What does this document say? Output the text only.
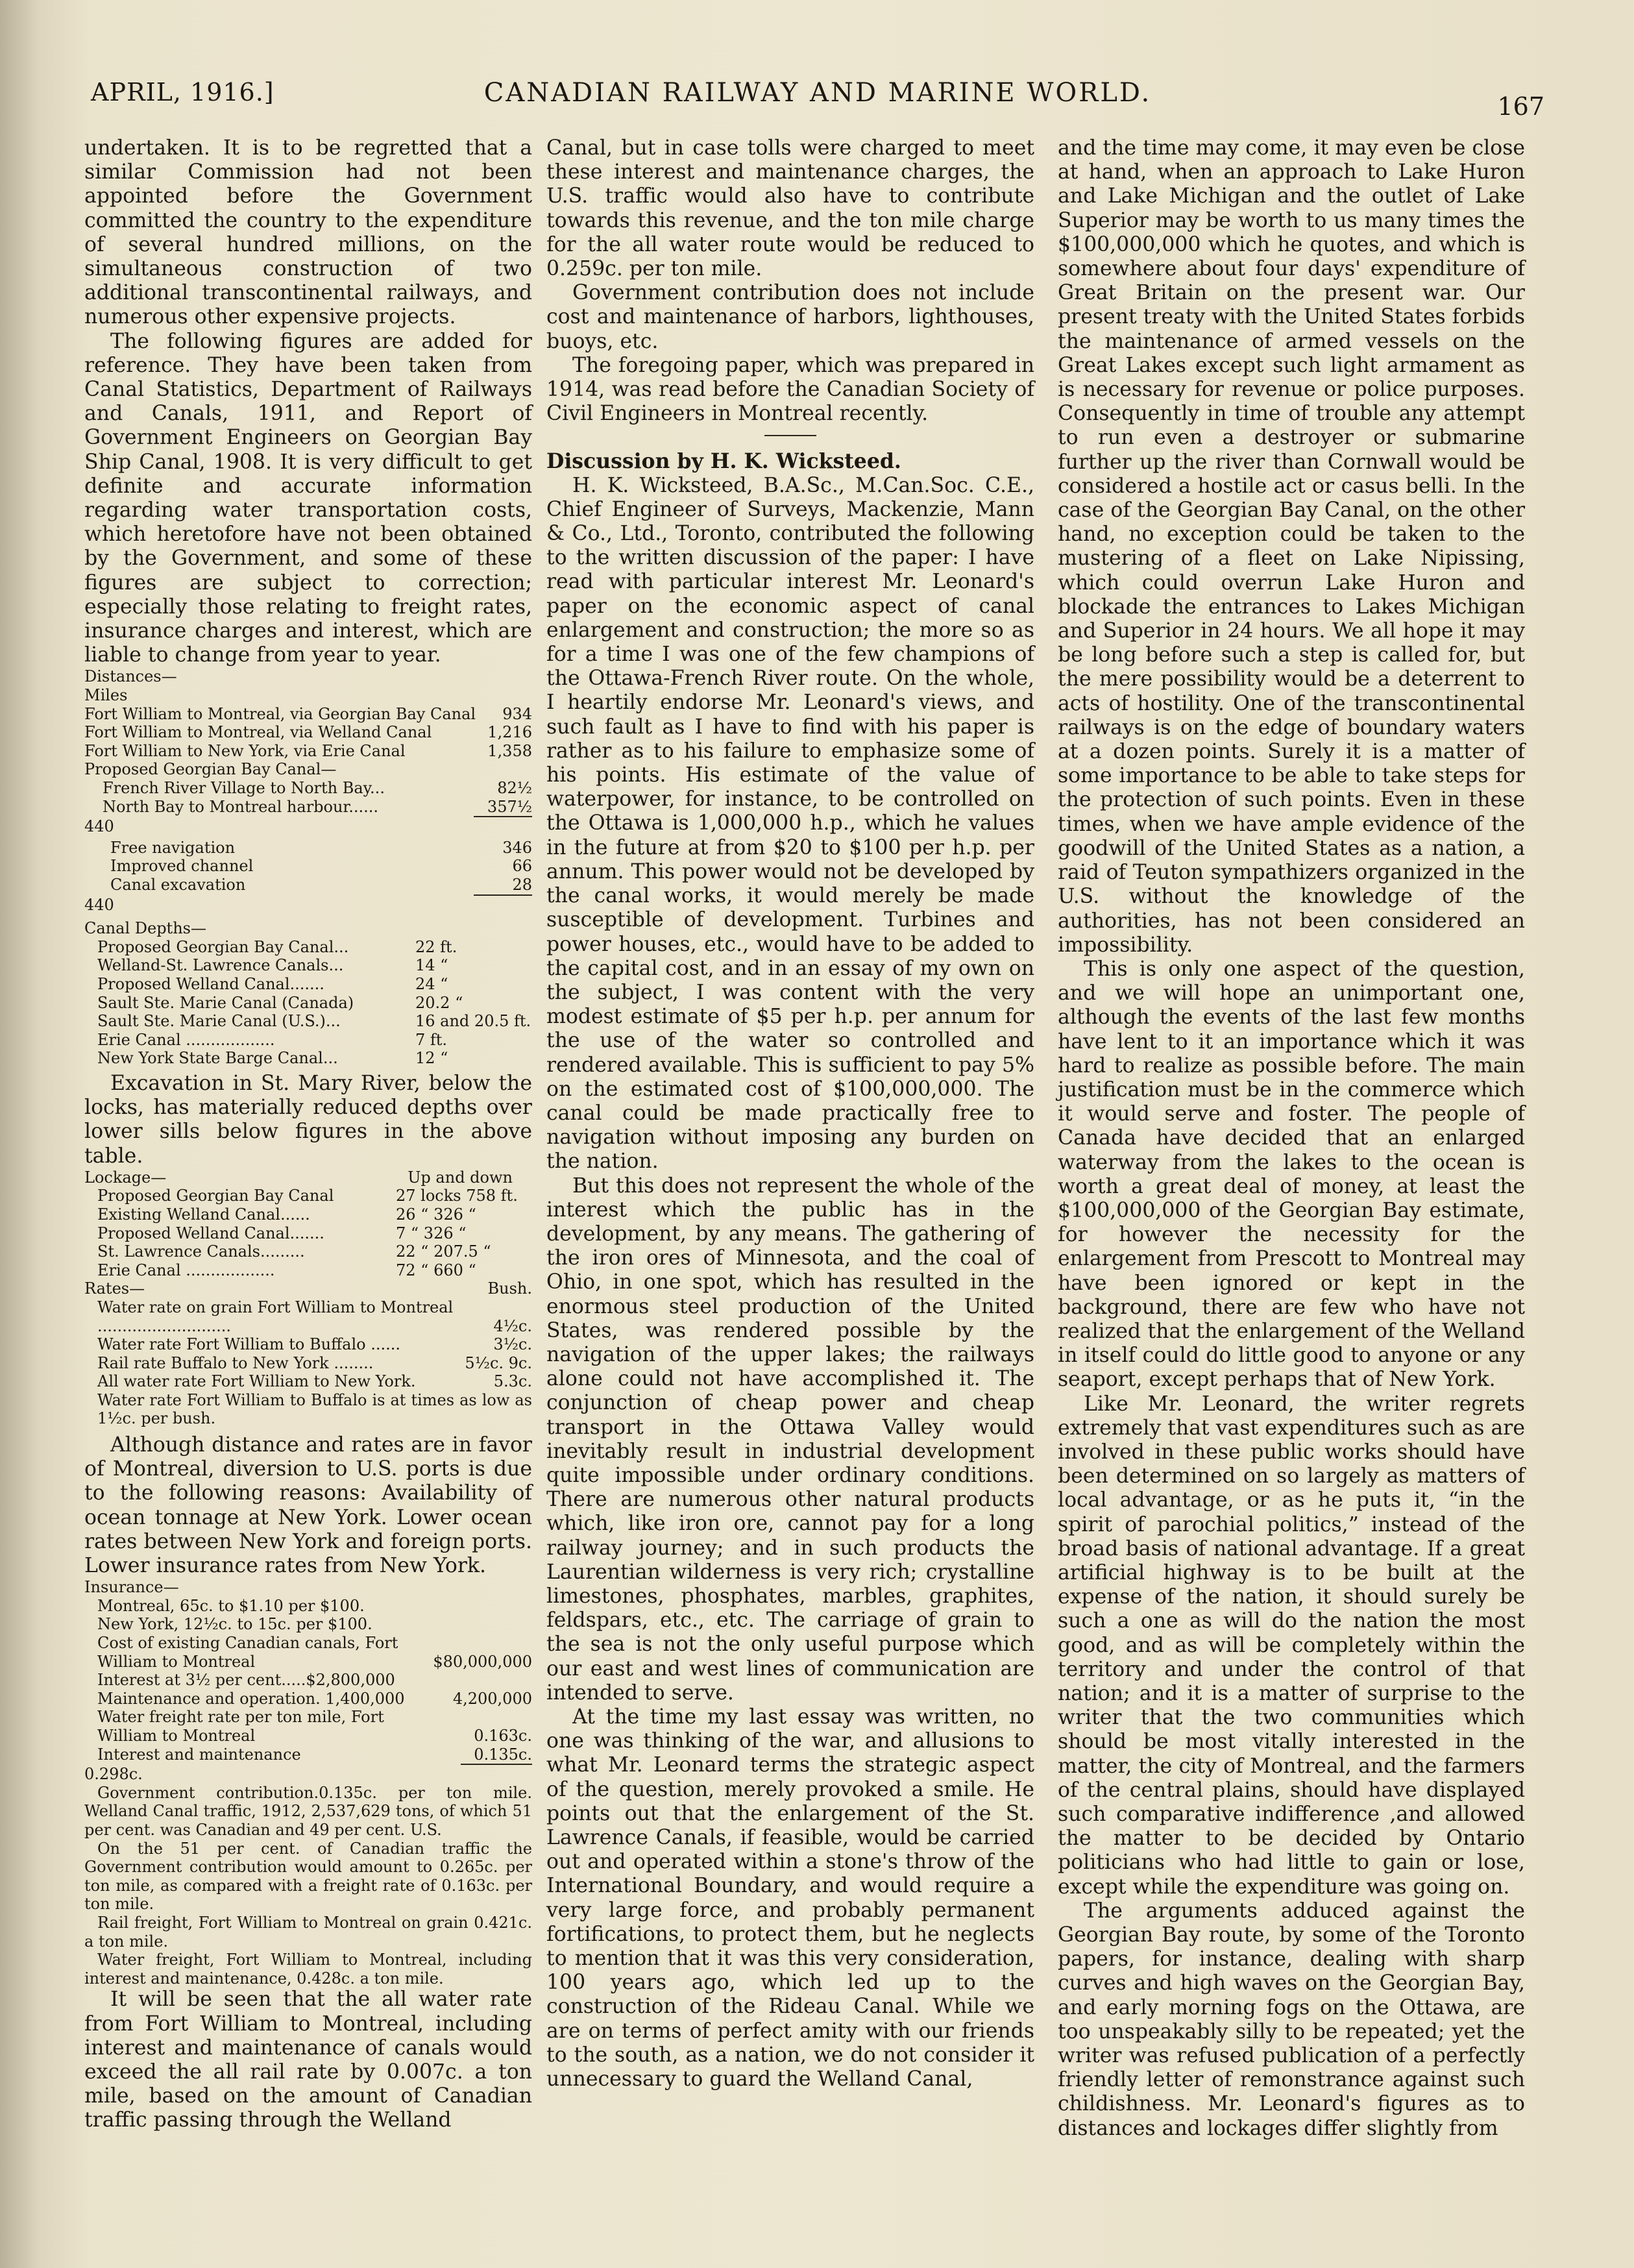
APRIL, 1916.]	CANADIAN RAILWAY AND MARINE WORLD.	167

undertaken. It is to be regretted that a similar Commission had not been appointed before the Government committed the country to the expenditure of several hundred millions, on the simultaneous construction of two additional transcontinental railways, and numerous other expensive projects.

The following figures are added for reference. They have been taken from Canal Statistics, Department of Railways and Canals, 1911, and Report of Government Engineers on Georgian Bay Ship Canal, 1908. It is very difficult to get definite and accurate information regarding water transportation costs, which heretofore have not been obtained by the Government, and some of these figures are subject to correction; especially those relating to freight rates, insurance charges and interest, which are liable to change from year to year.

Distances—

Miles

Fort William to Montreal, via Georgian Bay Canal	934
Fort William to Montreal, via Welland Canal	1,216
Fort William to New York, via Erie Canal	1,358
Proposed Georgian Bay Canal—	
French River Village to North Bay...	82½
North Bay to Montreal harbour......	357½

440

Free navigation	346
Improved channel	66
Canal excavation	28

440

Canal Depths—

Proposed Georgian Bay Canal...	22 ft.
Welland-St. Lawrence Canals...	14 “
Proposed Welland Canal.......	24 “
Sault Ste. Marie Canal (Canada)	20.2 “
Sault Ste. Marie Canal (U.S.)...	16 and 20.5 ft.
Erie Canal ..................	7 ft.
New York State Barge Canal...	12 “

Excavation in St. Mary River, below the locks, has materially reduced depths over lower sills below figures in the above table.

Lockage—	Up and down

Proposed Georgian Bay Canal	27 locks 758 ft.
Existing Welland Canal......	26 “ 326 “
Proposed Welland Canal.......	7 “ 326 “
St. Lawrence Canals.........	22 “ 207.5 “
Erie Canal ..................	72 “ 660 “

Rates—	Bush.

Water rate on grain Fort William to Montreal ...........................	4½c.
Water rate Fort William to Buffalo ......	3½c.
Rail rate Buffalo to New York ........	5½c. 9c.
All water rate Fort William to New York.	5.3c.

Water rate Fort William to Buffalo is at times as low as 1½c. per bush.

Although distance and rates are in favor of Montreal, diversion to U.S. ports is due to the following reasons: Availability of ocean tonnage at New York. Lower ocean rates between New York and foreign ports. Lower insurance rates from New York.

Insurance—

Montreal, 65c. to $1.10 per $100.	
New York, 12½c. to 15c. per $100.	
Cost of existing Canadian canals, Fort William to Montreal	$80,000,000
Interest at 3½ per cent.....$2,800,000	
Maintenance and operation. 1,400,000	4,200,000
Water freight rate per ton mile, Fort William to Montreal	0.163c.
Interest and maintenance	0.135c.

0.298c.

Government contribution.0.135c. per ton mile. Welland Canal traffic, 1912, 2,537,629 tons, of which 51 per cent. was Canadian and 49 per cent. U.S.

On the 51 per cent. of Canadian traffic the Government contribution would amount to 0.265c. per ton mile, as compared with a freight rate of 0.163c. per ton mile.

Rail freight, Fort William to Montreal on grain 0.421c. a ton mile.

Water freight, Fort William to Montreal, including interest and maintenance, 0.428c. a ton mile.

It will be seen that the all water rate from Fort William to Montreal, including interest and maintenance of canals would exceed the all rail rate by 0.007c. a ton mile, based on the amount of Canadian traffic passing through the Welland

Canal, but in case tolls were charged to meet these interest and maintenance charges, the U.S. traffic would also have to contribute towards this revenue, and the ton mile charge for the all water route would be reduced to 0.259c. per ton mile.

Government contribution does not include cost and maintenance of harbors, lighthouses, buoys, etc.

The foregoing paper, which was prepared in 1914, was read before the Canadian Society of Civil Engineers in Montreal recently.

Discussion by H. K. Wicksteed.

H. K. Wicksteed, B.A.Sc., M.Can.Soc. C.E., Chief Engineer of Surveys, Mackenzie, Mann & Co., Ltd., Toronto, contributed the following to the written discussion of the paper: I have read with particular interest Mr. Leonard's paper on the economic aspect of canal enlargement and construction; the more so as for a time I was one of the few champions of the Ottawa-French River route. On the whole, I heartily endorse Mr. Leonard's views, and such fault as I have to find with his paper is rather as to his failure to emphasize some of his points. His estimate of the value of waterpower, for instance, to be controlled on the Ottawa is 1,000,000 h.p., which he values in the future at from $20 to $100 per h.p. per annum. This power would not be developed by the canal works, it would merely be made susceptible of development. Turbines and power houses, etc., would have to be added to the capital cost, and in an essay of my own on the subject, I was content with the very modest estimate of $5 per h.p. per annum for the use of the water so controlled and rendered available. This is sufficient to pay 5% on the estimated cost of $100,000,000. The canal could be made practically free to navigation without imposing any burden on the nation.

But this does not represent the whole of the interest which the public has in the development, by any means. The gathering of the iron ores of Minnesota, and the coal of Ohio, in one spot, which has resulted in the enormous steel production of the United States, was rendered possible by the navigation of the upper lakes; the railways alone could not have accomplished it. The conjunction of cheap power and cheap transport in the Ottawa Valley would inevitably result in industrial development quite impossible under ordinary conditions. There are numerous other natural products which, like iron ore, cannot pay for a long railway journey; and in such products the Laurentian wilderness is very rich; crystalline limestones, phosphates, marbles, graphites, feldspars, etc., etc. The carriage of grain to the sea is not the only useful purpose which our east and west lines of communication are intended to serve.

At the time my last essay was written, no one was thinking of the war, and allusions to what Mr. Leonard terms the strategic aspect of the question, merely provoked a smile. He points out that the enlargement of the St. Lawrence Canals, if feasible, would be carried out and operated within a stone's throw of the International Boundary, and would require a very large force, and probably permanent fortifications, to protect them, but he neglects to mention that it was this very consideration, 100 years ago, which led up to the construction of the Rideau Canal. While we are on terms of perfect amity with our friends to the south, as a nation, we do not consider it unnecessary to guard the Welland Canal,

and the time may come, it may even be close at hand, when an approach to Lake Huron and Lake Michigan and the outlet of Lake Superior may be worth to us many times the $100,000,000 which he quotes, and which is somewhere about four days' expenditure of Great Britain on the present war. Our present treaty with the United States forbids the maintenance of armed vessels on the Great Lakes except such light armament as is necessary for revenue or police purposes. Consequently in time of trouble any attempt to run even a destroyer or submarine further up the river than Cornwall would be considered a hostile act or casus belli. In the case of the Georgian Bay Canal, on the other hand, no exception could be taken to the mustering of a fleet on Lake Nipissing, which could overrun Lake Huron and blockade the entrances to Lakes Michigan and Superior in 24 hours. We all hope it may be long before such a step is called for, but the mere possibility would be a deterrent to acts of hostility. One of the transcontinental railways is on the edge of boundary waters at a dozen points. Surely it is a matter of some importance to be able to take steps for the protection of such points. Even in these times, when we have ample evidence of the goodwill of the United States as a nation, a raid of Teuton sympathizers organized in the U.S. without the knowledge of the authorities, has not been considered an impossibility.

This is only one aspect of the question, and we will hope an unimportant one, although the events of the last few months have lent to it an importance which it was hard to realize as possible before. The main justification must be in the commerce which it would serve and foster. The people of Canada have decided that an enlarged waterway from the lakes to the ocean is worth a great deal of money, at least the $100,000,000 of the Georgian Bay estimate, for however the necessity for the enlargement from Prescott to Montreal may have been ignored or kept in the background, there are few who have not realized that the enlargement of the Welland in itself could do little good to anyone or any seaport, except perhaps that of New York.

Like Mr. Leonard, the writer regrets extremely that vast expenditures such as are involved in these public works should have been determined on so largely as matters of local advantage, or as he puts it, “in the spirit of parochial politics,” instead of the broad basis of national advantage. If a great artificial highway is to be built at the expense of the nation, it should surely be such a one as will do the nation the most good, and as will be completely within the territory and under the control of that nation; and it is a matter of surprise to the writer that the two communities which should be most vitally interested in the matter, the city of Montreal, and the farmers of the central plains, should have displayed such comparative indifference ,and allowed the matter to be decided by Ontario politicians who had little to gain or lose, except while the expenditure was going on.

The arguments adduced against the Georgian Bay route, by some of the Toronto papers, for instance, dealing with sharp curves and high waves on the Georgian Bay, and early morning fogs on the Ottawa, are too unspeakably silly to be repeated; yet the writer was refused publication of a perfectly friendly letter of remonstrance against such childishness. Mr. Leonard's figures as to distances and lockages differ slightly from
